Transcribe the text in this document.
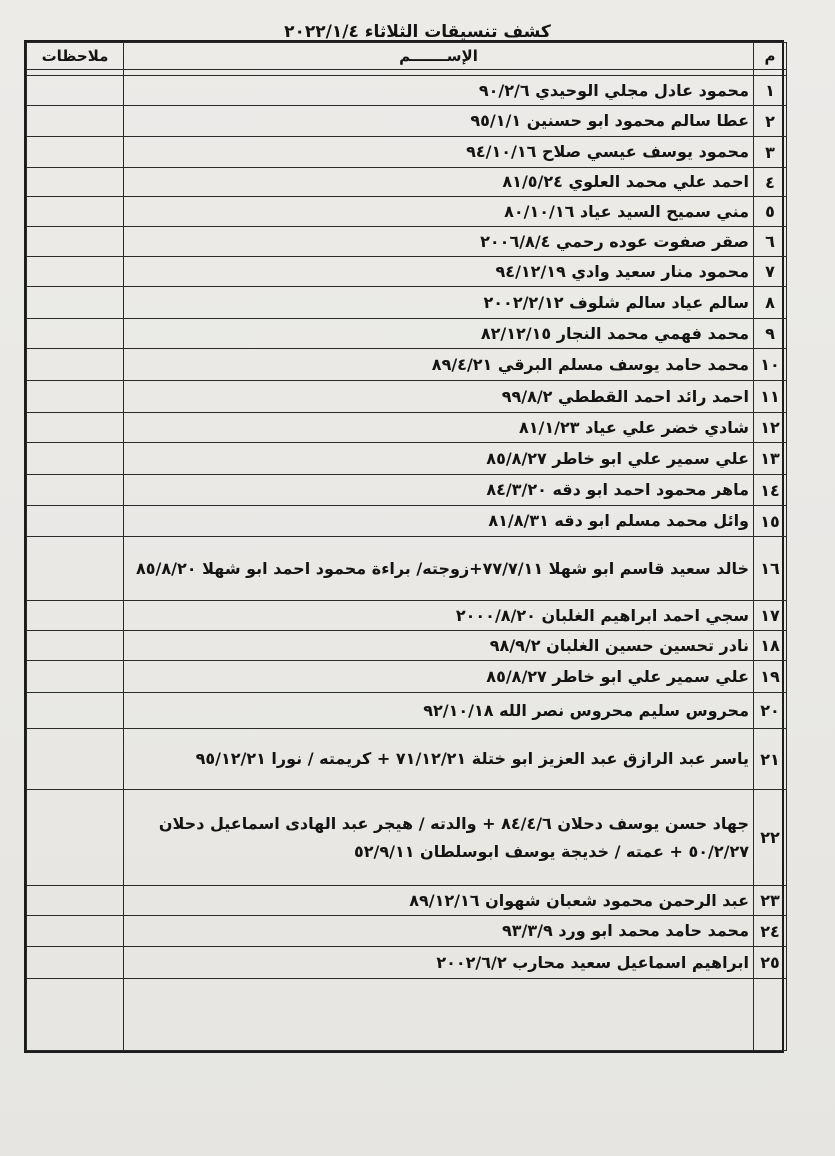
كشف تنسيقات الثلاثاء ٢٠٢٢/١/٤
م	الإســـــــم	ملاحظات

١	محمود عادل مجلي الوحيدي ٩٠/٢/٦	
٢	عطا سالم محمود ابو حسنين ٩٥/١/١	
٣	محمود يوسف عيسي صلاح ٩٤/١٠/١٦	
٤	احمد علي محمد العلوي ٨١/٥/٢٤	
٥	مني سميح السيد عياد ٨٠/١٠/١٦	
٦	صقر صفوت عوده رحمي ٢٠٠٦/٨/٤	
٧	محمود منار سعيد وادي ٩٤/١٢/١٩	
٨	سالم عياد سالم شلوف ٢٠٠٢/٢/١٢	
٩	محمد فهمي محمد النجار ٨٢/١٢/١٥	
١٠	محمد حامد يوسف مسلم البرقي ٨٩/٤/٢١	
١١	احمد رائد احمد القططي ٩٩/٨/٢	
١٢	شادي خضر علي عياد ٨١/١/٢٣	
١٣	علي سمير علي ابو خاطر ٨٥/٨/٢٧	
١٤	ماهر محمود احمد ابو دقه ٨٤/٣/٢٠	
١٥	وائل محمد مسلم ابو دقه ٨١/٨/٣١	
١٦	خالد سعيد قاسم ابو شهلا ٧٧/٧/١١+زوجته/ براءة محمود احمد ابو شهلا ٨٥/٨/٢٠	
١٧	سجي احمد ابراهيم الغلبان ٢٠٠٠/٨/٢٠	
١٨	نادر تحسين حسين الغلبان ٩٨/٩/٢	
١٩	علي سمير علي ابو خاطر ٨٥/٨/٢٧	
٢٠	محروس سليم محروس نصر الله ٩٢/١٠/١٨	
٢١	ياسر عبد الرازق عبد العزيز ابو ختلة ٧١/١٢/٢١ + كريمته / نورا ٩٥/١٢/٢١	
٢٢	جهاد حسن يوسف دحلان ٨٤/٤/٦ + والدته / هيجر عبد الهادى اسماعيل دحلان ٥٠/٢/٢٧ + عمته / خديجة يوسف ابوسلطان ٥٢/٩/١١	
٢٣	عبد الرحمن محمود شعبان شهوان ٨٩/١٢/١٦	
٢٤	محمد حامد محمد ابو ورد ٩٣/٣/٩	
٢٥	ابراهيم اسماعيل سعيد محارب ٢٠٠٢/٦/٢	
